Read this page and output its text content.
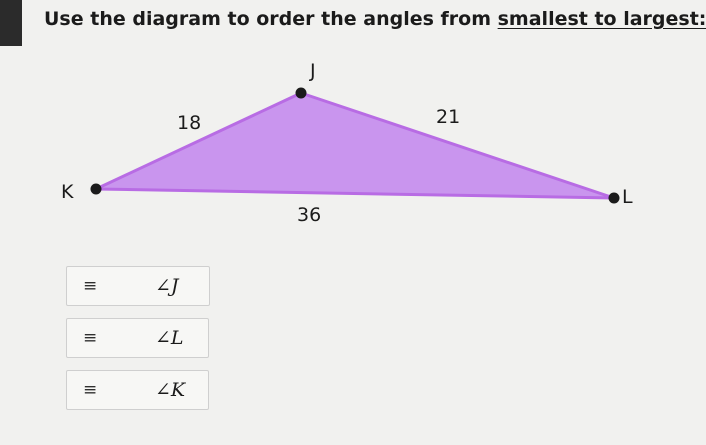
Use the diagram to order the angles from smallest to largest:
J
K	L
18	21
36
≡	∠J
≡	∠L
≡	∠K
